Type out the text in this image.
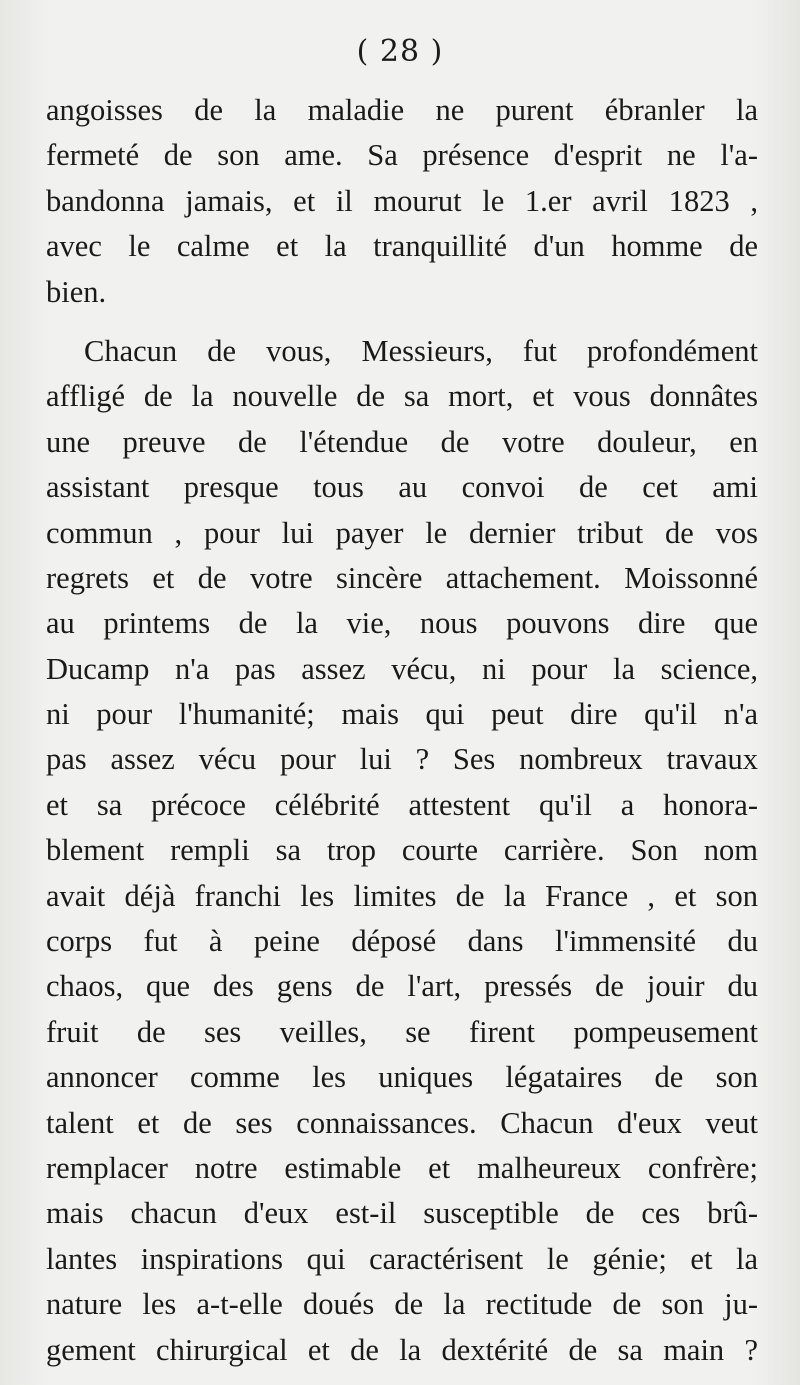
( 28 )
angoisses de la maladie ne purent ébranler la
fermeté de son ame. Sa présence d'esprit ne l'a-
bandonna jamais, et il mourut le 1.er avril 1823 ,
avec le calme et la tranquillité d'un homme de
bien.
Chacun de vous, Messieurs, fut profondément
affligé de la nouvelle de sa mort, et vous donnâtes
une preuve de l'étendue de votre douleur, en
assistant presque tous au convoi de cet ami
commun , pour lui payer le dernier tribut de vos
regrets et de votre sincère attachement. Moissonné
au printems de la vie, nous pouvons dire que
Ducamp n'a pas assez vécu, ni pour la science,
ni pour l'humanité; mais qui peut dire qu'il n'a
pas assez vécu pour lui ? Ses nombreux travaux
et sa précoce célébrité attestent qu'il a honora-
blement rempli sa trop courte carrière. Son nom
avait déjà franchi les limites de la France , et son
corps fut à peine déposé dans l'immensité du
chaos, que des gens de l'art, pressés de jouir du
fruit de ses veilles, se firent pompeusement
annoncer comme les uniques légataires de son
talent et de ses connaissances. Chacun d'eux veut
remplacer notre estimable et malheureux confrère;
mais chacun d'eux est-il susceptible de ces brû-
lantes inspirations qui caractérisent le génie; et la
nature les a-t-elle doués de la rectitude de son ju-
gement chirurgical et de la dextérité de sa main ?
